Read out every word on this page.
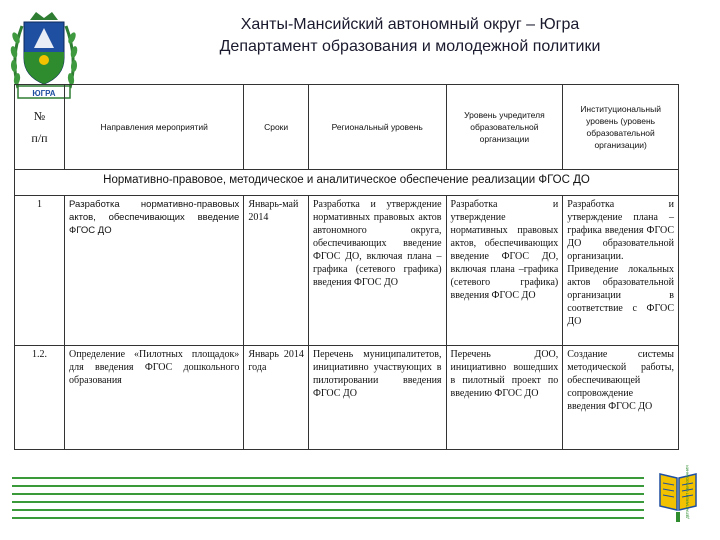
ЮГРА
Ханты-Мансийский автономный округ – Югра
Департамент образования и молодежной политики
№
п/п	Направления мероприятий	Сроки	Региональный уровень	Уровень учредителя образовательной организации	Институциональный уровень (уровень образовательной организации)
Нормативно-правовое, методическое и аналитическое обеспечение реализации ФГОС ДО					
1	Разработка нормативно-правовых актов, обеспечивающих введение ФГОС ДО	Январь-май 2014	Разработка и утверждение нормативных правовых актов автономного округа, обеспечивающих введение ФГОС ДО, включая плана – графика (сетевого графика) введения ФГОС ДО	Разработка и утверждение нормативных правовых актов, обеспечивающих введение ФГОС ДО, включая плана –графика (сетевого графика) введения ФГОС ДО	Разработка и утверждение плана – графика введения ФГОС ДО образовательной организации. Приведение локальных актов образовательной организации в соответствие с ФГОС ДО
1.2.	Определение «Пилотных площадок» для введения ФГОС дошкольного образования	Январь 2014 года	Перечень муниципалитетов, инициативно участвующих в пилотировании введения ФГОС ДО	Перечень ДОО, инициативно вошедших в пилотный проект по введению ФГОС ДО	Создание системы методической работы, обеспечивающей сопровождение введения ФГОС ДО
ДЕПАРТАМЕНТ ОБРАЗОВАНИЯ
